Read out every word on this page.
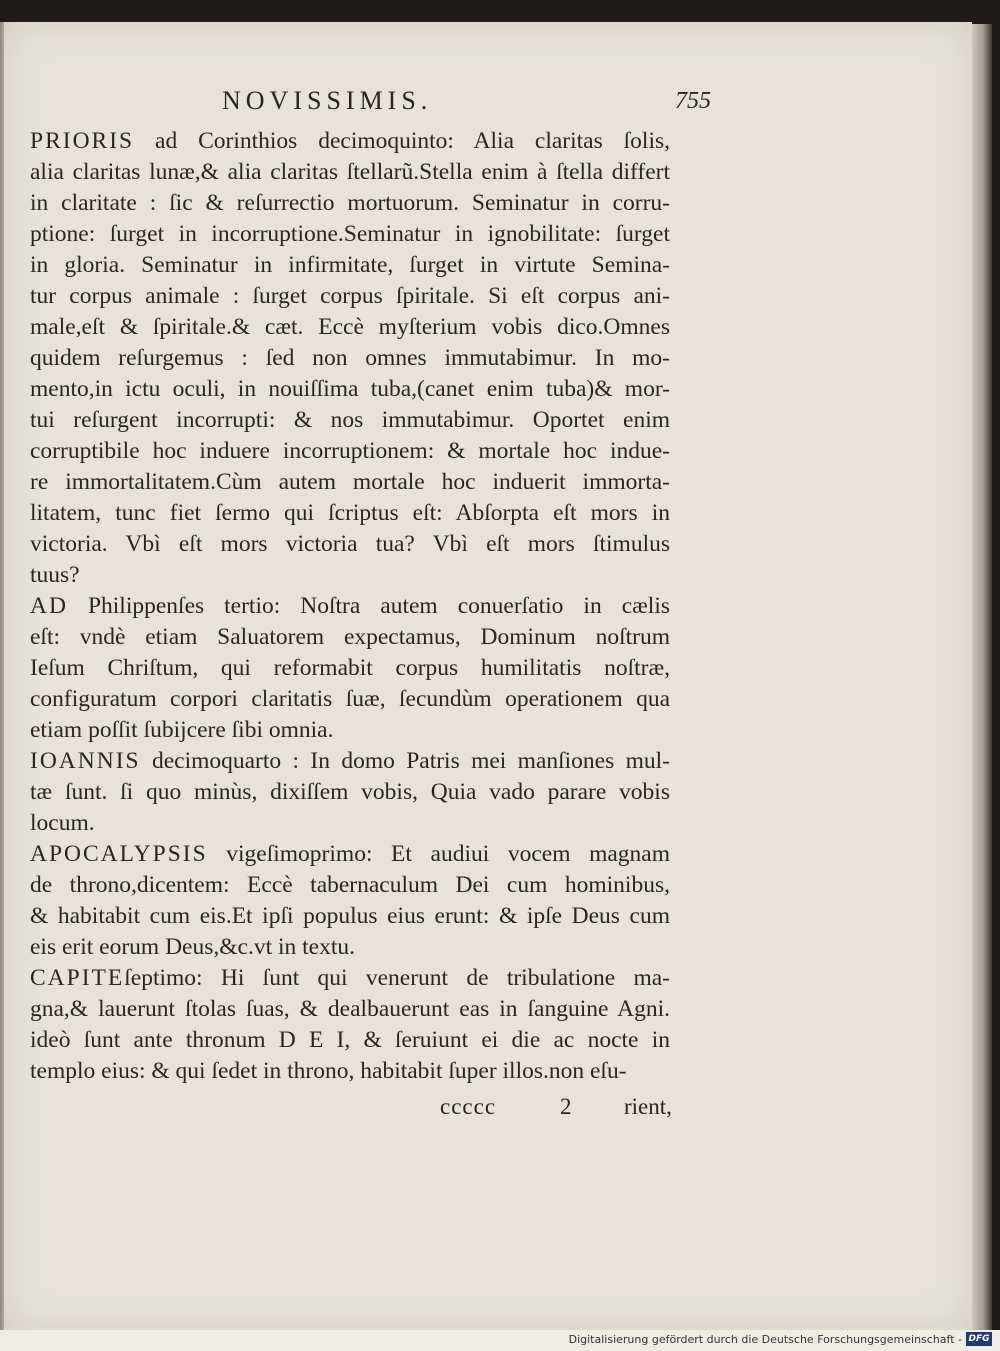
NOVISSIMIS.	755
PRIORIS ad Corinthios decimoquinto: Alia claritas ſolis,
alia claritas lunæ,& alia claritas ſtellarũ.Stella enim à ſtella differt
in claritate : ſic & reſurrectio mortuorum. Seminatur in corru-
ptione: ſurget in incorruptione.Seminatur in ignobilitate: ſurget
in gloria. Seminatur in infirmitate, ſurget in virtute Semina-
tur corpus animale : ſurget corpus ſpiritale. Si eſt corpus ani-
male,eſt & ſpiritale.& cæt. Eccè myſterium vobis dico.Omnes
quidem reſurgemus : ſed non omnes immutabimur. In mo-
mento,in ictu oculi, in nouiſſima tuba,(canet enim tuba)& mor-
tui reſurgent incorrupti: & nos immutabimur. Oportet enim
corruptibile hoc induere incorruptionem: & mortale hoc indue-
re immortalitatem.Cùm autem mortale hoc induerit immorta-
litatem, tunc fiet ſermo qui ſcriptus eſt: Abſorpta eſt mors in
victoria. Vbì eſt mors victoria tua? Vbì eſt mors ſtimulus
tuus?
AD Philippenſes tertio: Noſtra autem conuerſatio in cælis
eſt: vndè etiam Saluatorem expectamus, Dominum noſtrum
Ieſum Chriſtum, qui reformabit corpus humilitatis noſtræ,
configuratum corpori claritatis ſuæ, ſecundùm operationem qua
etiam poſſit ſubijcere ſibi omnia.
IOANNIS decimoquarto : In domo Patris mei manſiones mul-
tæ ſunt. ſi quo minùs, dixiſſem vobis, Quia vado parare vobis
locum.
APOCALYPSIS vigeſimoprimo: Et audiui vocem magnam
de throno,dicentem: Eccè tabernaculum Dei cum hominibus,
& habitabit cum eis.Et ipſi populus eius erunt: & ipſe Deus cum
eis erit eorum Deus,&c.vt in textu.
CAPITEſeptimo: Hi ſunt qui venerunt de tribulatione ma-
gna,& lauerunt ſtolas ſuas, & dealbauerunt eas in ſanguine Agni.
ideò ſunt ante thronum D E I, & ſeruiunt ei die ac nocte in
templo eius: & qui ſedet in throno, habitabit ſuper illos.non eſu-
ccccc	2 rient,
Digitalisierung gefördert durch die Deutsche Forschungsgemeinschaft - DFG
